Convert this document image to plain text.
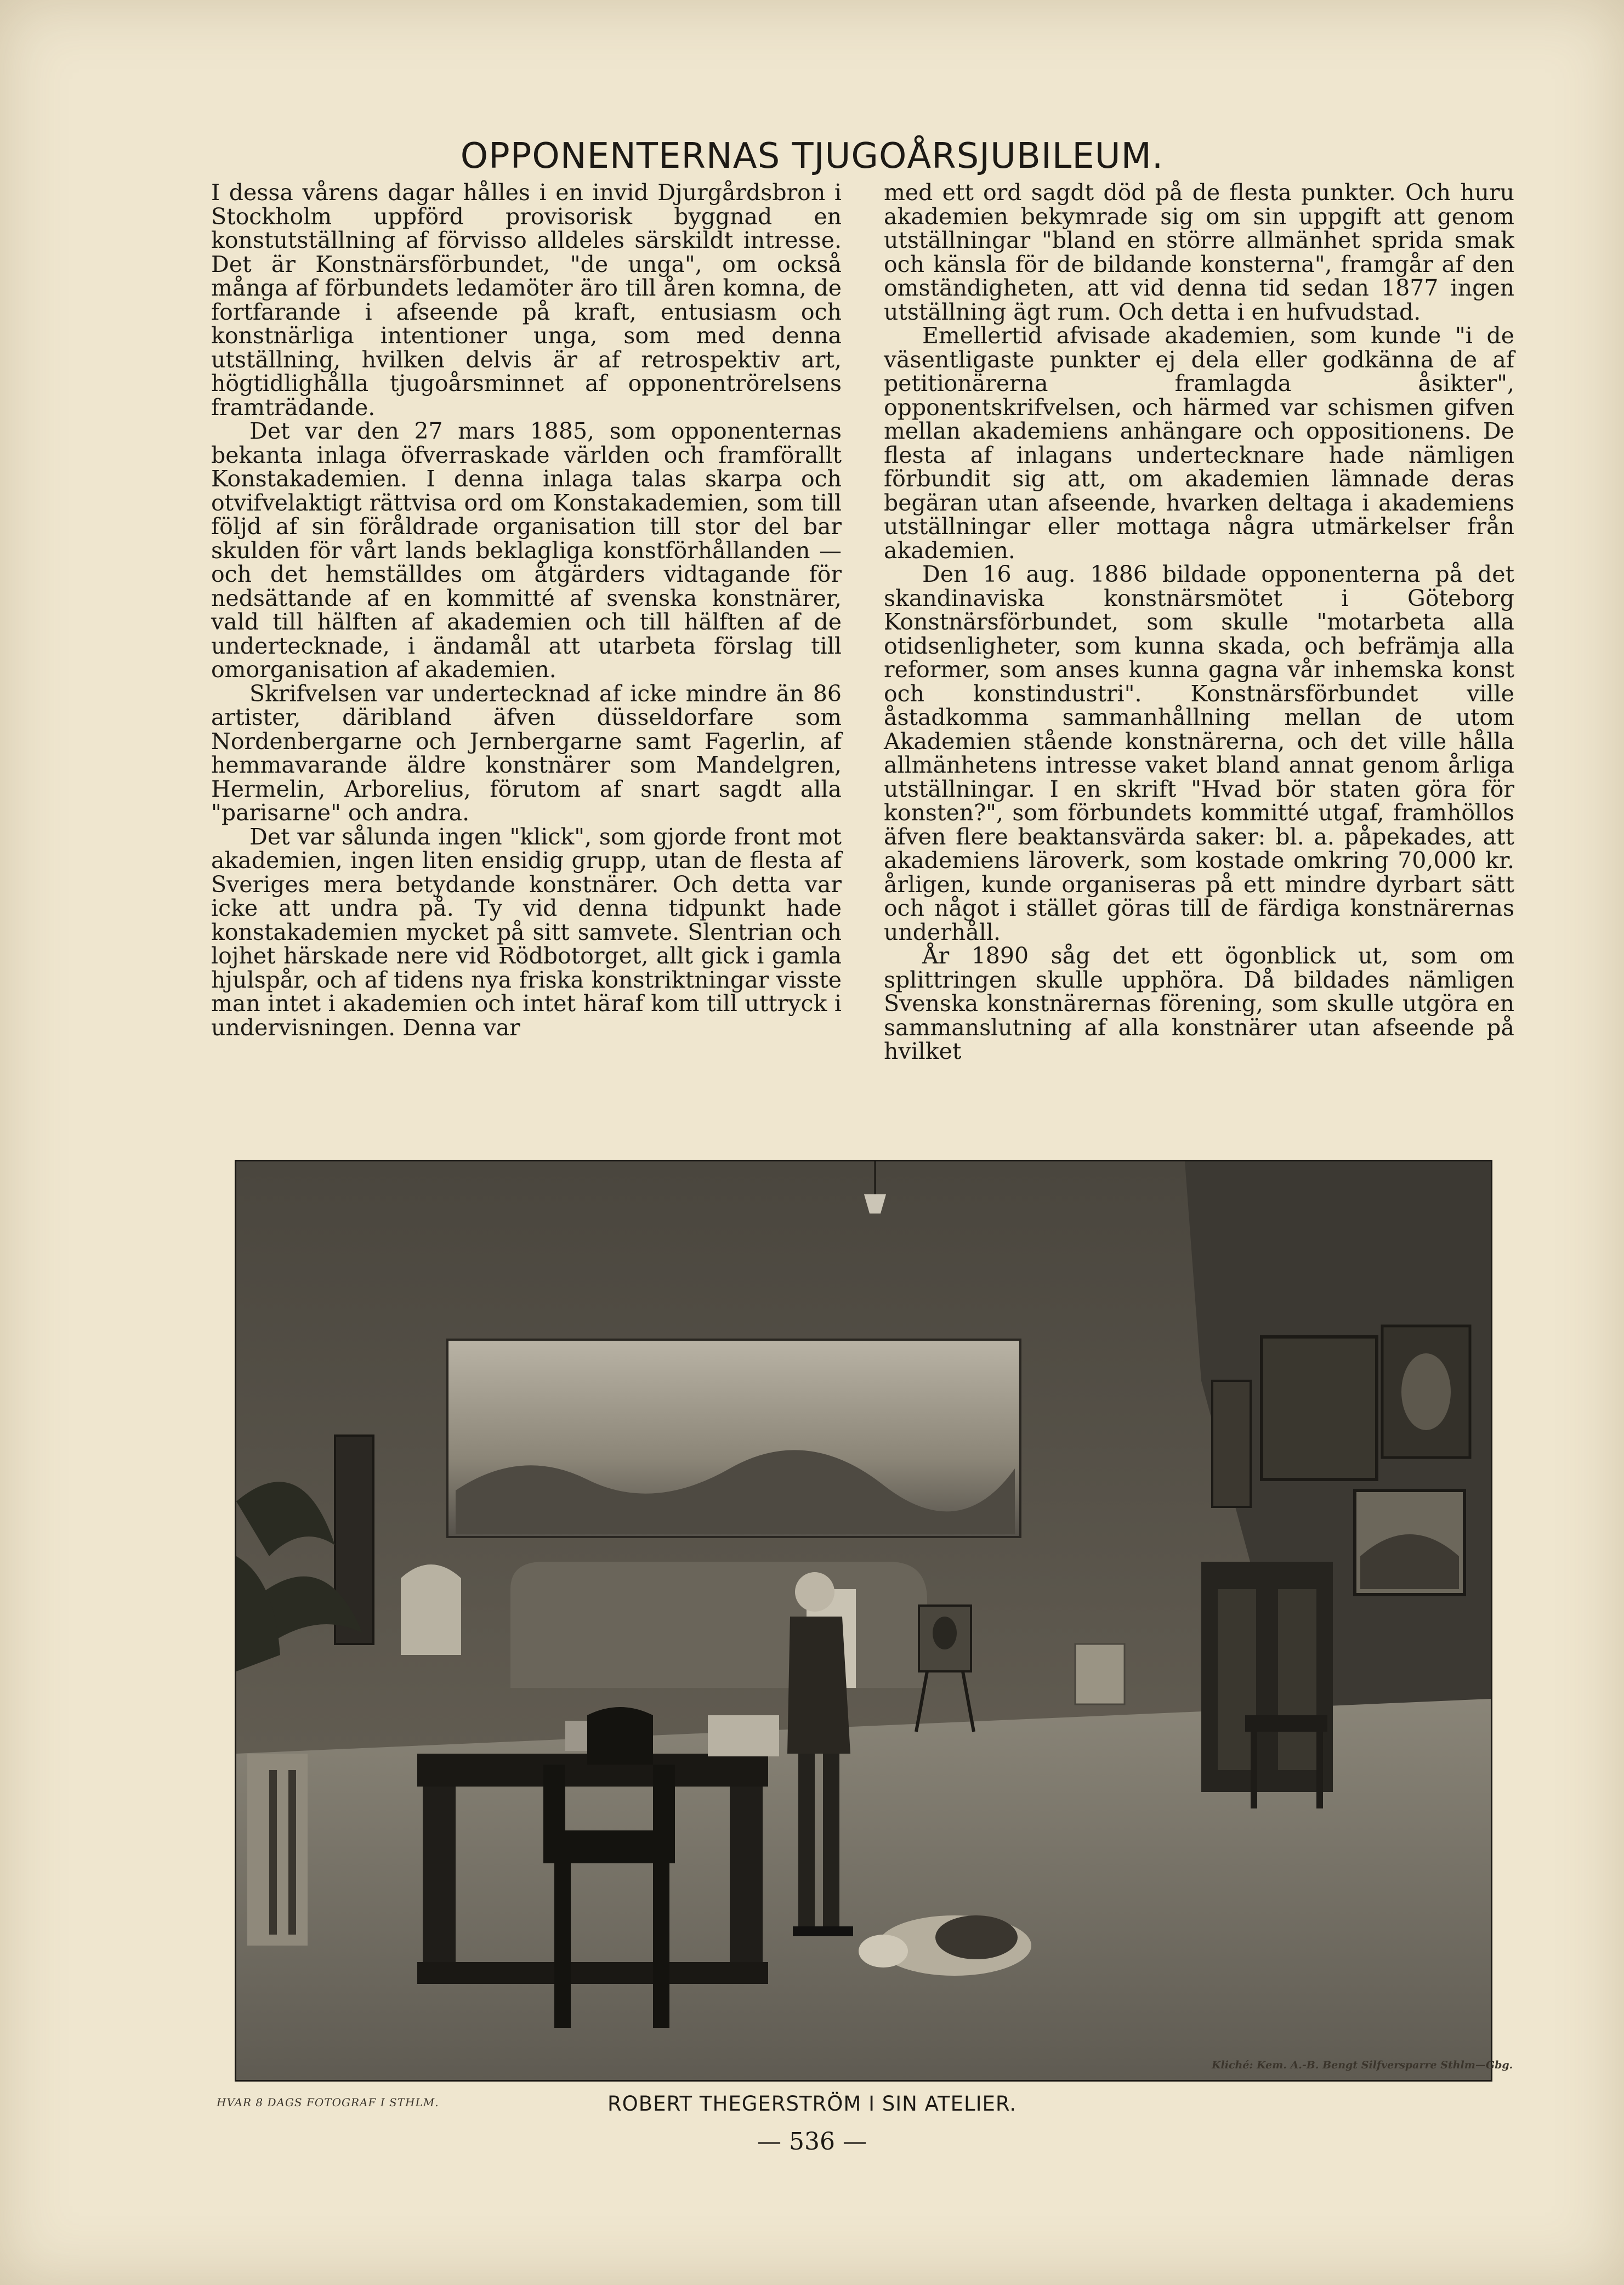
OPPONENTERNAS TJUGOÅRSJUBILEUM.

I dessa vårens dagar hålles i en invid Djurgårdsbron i Stockholm uppförd provisorisk byggnad en konstutställning af förvisso alldeles särskildt intresse. Det är Konstnärsförbundet, "de unga", om också många af förbundets ledamöter äro till åren komna, de fortfarande i afseende på kraft, entusiasm och konstnärliga intentioner unga, som med denna utställning, hvilken delvis är af retrospektiv art, högtidlighålla tjugoårsminnet af opponentrörelsens framträdande.

Det var den 27 mars 1885, som opponenternas bekanta inlaga öfverraskade världen och framförallt Konstakademien. I denna inlaga talas skarpa och otvifvelaktigt rättvisa ord om Konstakademien, som till följd af sin föråldrade organisation till stor del bar skulden för vårt lands beklagliga konstförhållanden — och det hemställdes om åtgärders vidtagande för nedsättande af en kommitté af svenska konstnärer, vald till hälften af akademien och till hälften af de undertecknade, i ändamål att utarbeta förslag till omorganisation af akademien.

Skrifvelsen var undertecknad af icke mindre än 86 artister, däribland äfven düsseldorfare som Nordenbergarne och Jernbergarne samt Fagerlin, af hemmavarande äldre konstnärer som Mandelgren, Hermelin, Arborelius, förutom af snart sagdt alla "parisarne" och andra.

Det var sålunda ingen "klick", som gjorde front mot akademien, ingen liten ensidig grupp, utan de flesta af Sveriges mera betydande konstnärer. Och detta var icke att undra på. Ty vid denna tidpunkt hade konstakademien mycket på sitt samvete. Slentrian och lojhet härskade nere vid Rödbotorget, allt gick i gamla hjulspår, och af tidens nya friska konstriktningar visste man intet i akademien och intet häraf kom till uttryck i undervisningen. Denna var

med ett ord sagdt död på de flesta punkter. Och huru akademien bekymrade sig om sin uppgift att genom utställningar "bland en större allmänhet sprida smak och känsla för de bildande konsterna", framgår af den omständigheten, att vid denna tid sedan 1877 ingen utställning ägt rum. Och detta i en hufvudstad.

Emellertid afvisade akademien, som kunde "i de väsentligaste punkter ej dela eller godkänna de af petitionärerna framlagda åsikter", opponentskrifvelsen, och härmed var schismen gifven mellan akademiens anhängare och oppositionens. De flesta af inlagans undertecknare hade nämligen förbundit sig att, om akademien lämnade deras begäran utan afseende, hvarken deltaga i akademiens utställningar eller mottaga några utmärkelser från akademien.

Den 16 aug. 1886 bildade opponenterna på det skandinaviska konstnärsmötet i Göteborg Konstnärsförbundet, som skulle "motarbeta alla otidsenligheter, som kunna skada, och befrämja alla reformer, som anses kunna gagna vår inhemska konst och konstindustri". Konstnärsförbundet ville åstadkomma sammanhållning mellan de utom Akademien stående konstnärerna, och det ville hålla allmänhetens intresse vaket bland annat genom årliga utställningar. I en skrift "Hvad bör staten göra för konsten?", som förbundets kommitté utgaf, framhöllos äfven flere beaktansvärda saker: bl. a. påpekades, att akademiens läroverk, som kostade omkring 70,000 kr. årligen, kunde organiseras på ett mindre dyrbart sätt och något i stället göras till de färdiga konstnärernas underhåll.

År 1890 såg det ett ögonblick ut, som om splittringen skulle upphöra. Då bildades nämligen Svenska konstnärernas förening, som skulle utgöra en sammanslutning af alla konstnärer utan afseende på hvilket

HVAR 8 DAGS FOTOGRAF I STHLM.
Kliché: Kem. A.-B. Bengt Silfversparre Sthlm—Gbg.
ROBERT THEGERSTRÖM I SIN ATELIER.
— 536 —
